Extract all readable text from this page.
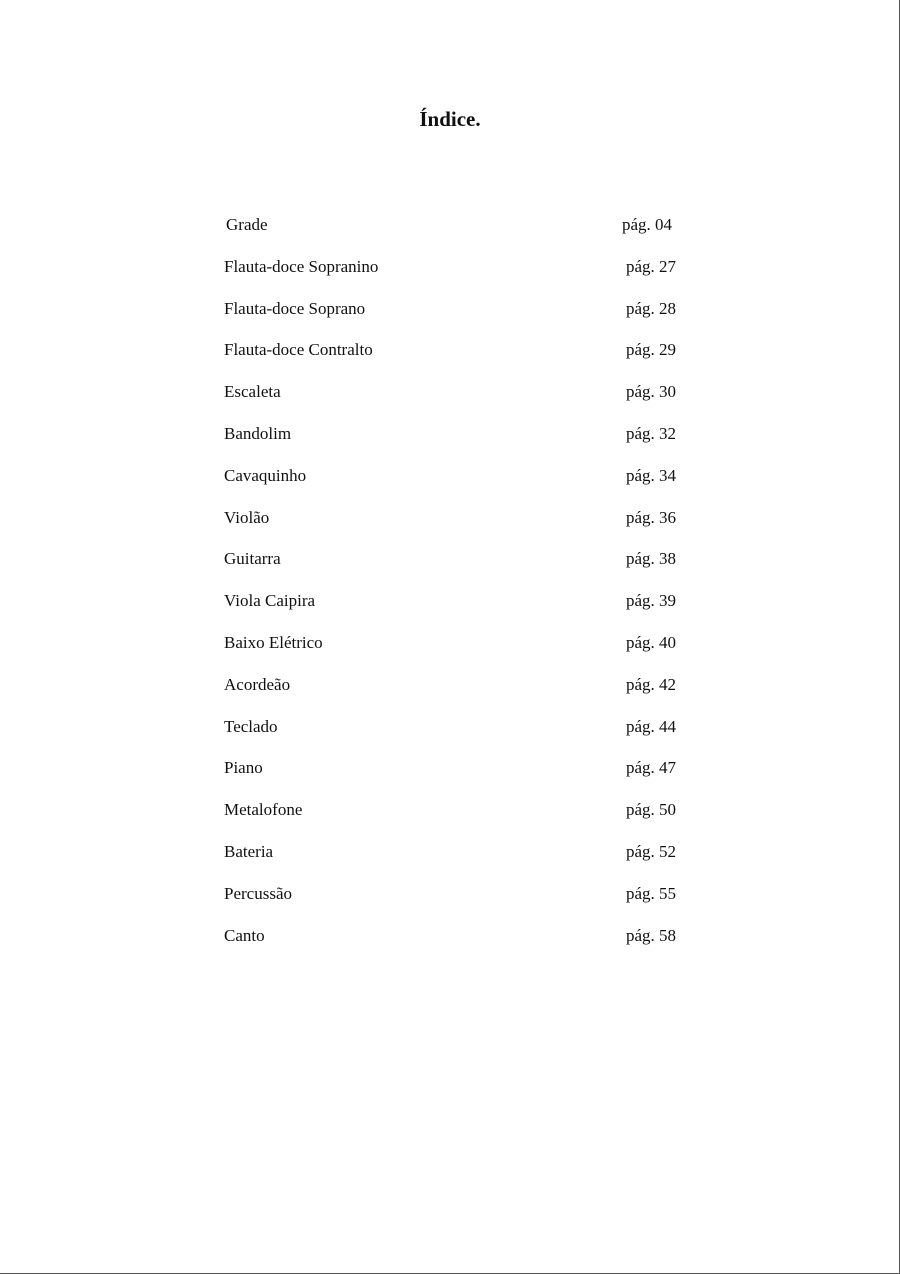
Índice.
Grade	pág. 04
Flauta-doce Sopranino	pág. 27
Flauta-doce Soprano	pág. 28
Flauta-doce Contralto	pág. 29
Escaleta	pág. 30
Bandolim	pág. 32
Cavaquinho	pág. 34
Violão	pág. 36
Guitarra	pág. 38
Viola Caipira	pág. 39
Baixo Elétrico	pág. 40
Acordeão	pág. 42
Teclado	pág. 44
Piano	pág. 47
Metalofone	pág. 50
Bateria	pág. 52
Percussão	pág. 55
Canto	pág. 58
